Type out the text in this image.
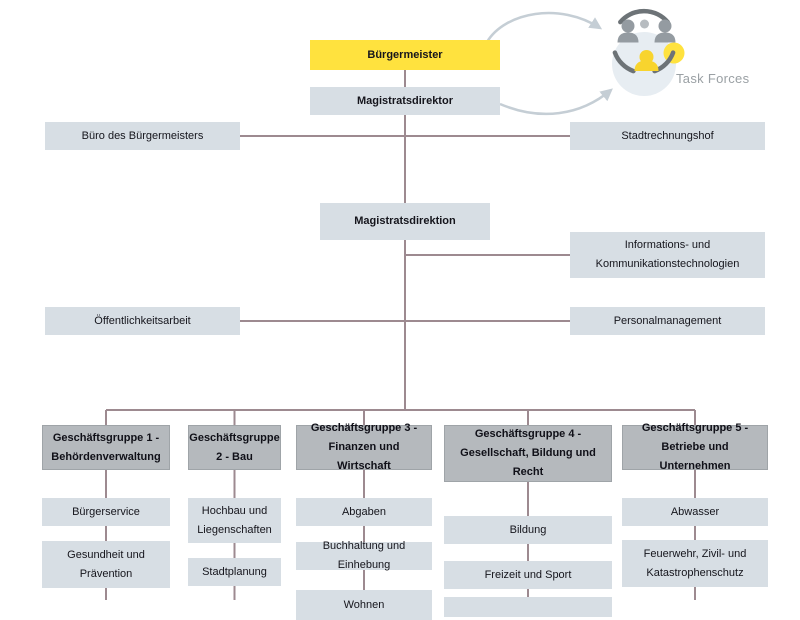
Bürgermeister
Magistratsdirektor
Büro des Bürgermeisters	Stadtrechnungshof
Magistratsdirektion
Informations- und Kommunikationstechnologien
Öffentlichkeitsarbeit	Personalmanagement
Geschäftsgruppe 1 - Behördenverwaltung
Bürgerservice
Gesundheit und Prävention
Geschäftsgruppe 2 - Bau
Hochbau und Liegenschaften
Stadtplanung
Geschäftsgruppe 3 - Finanzen und Wirtschaft
Abgaben
Buchhaltung und Einhebung
Wohnen
Geschäftsgruppe 4 - Gesellschaft, Bildung und Recht
Bildung
Freizeit und Sport
Geschäftsgruppe 5 - Betriebe und Unternehmen
Abwasser
Feuerwehr, Zivil- und Katastrophenschutz
Task Forces
